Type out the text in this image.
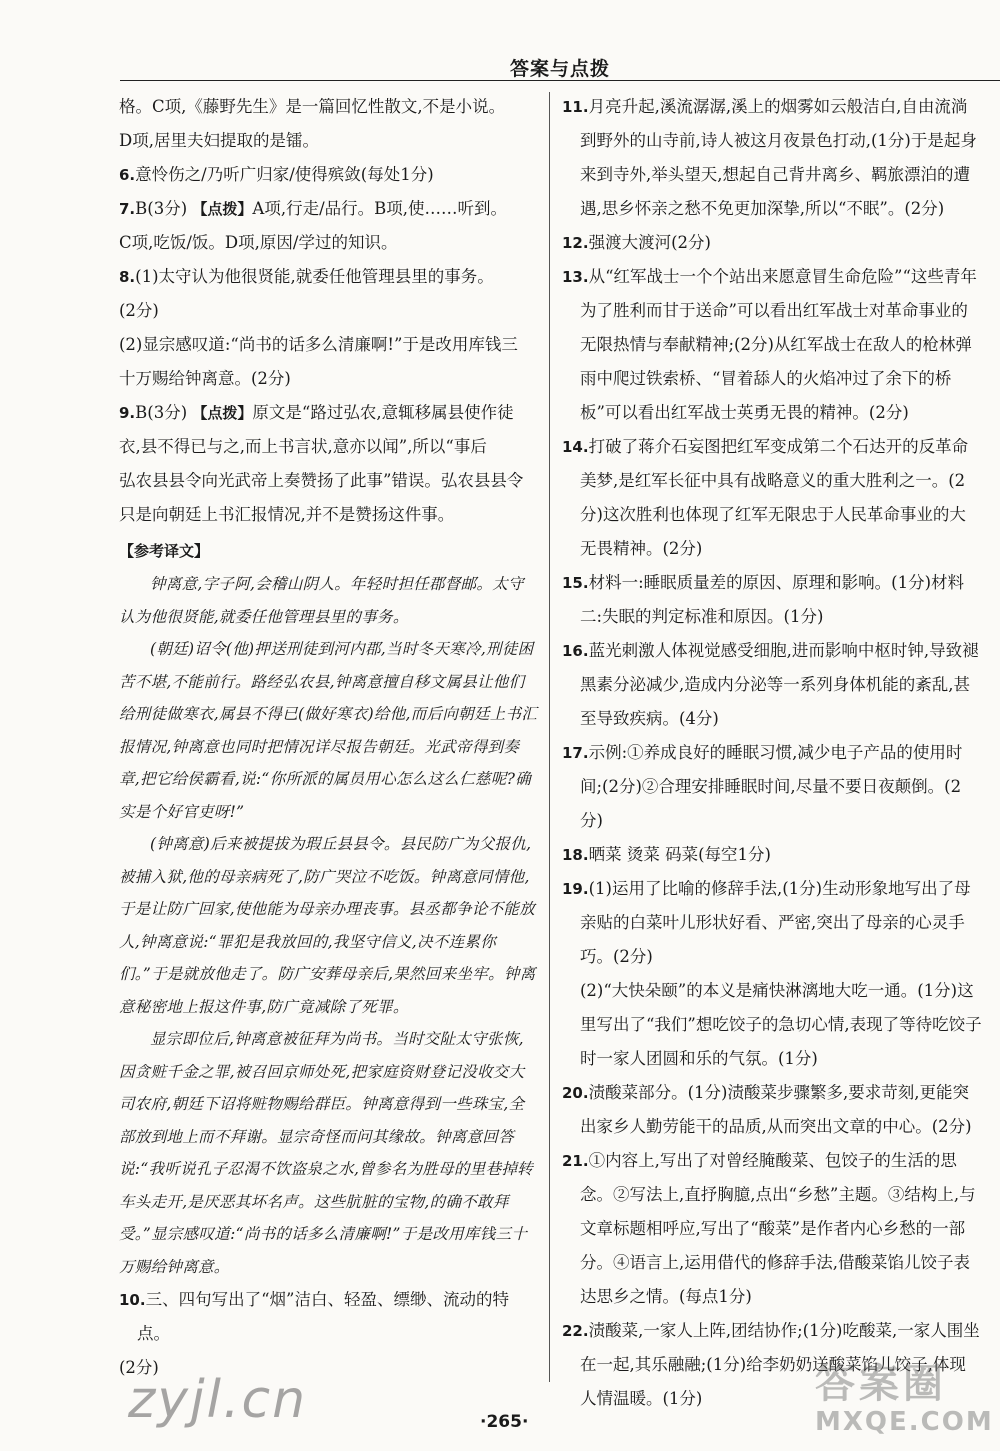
答案与点拨

格。C项,《藤野先生》是一篇回忆性散文,不是小说。

D项,居里夫妇提取的是镭。

6.意怜伤之/乃听广归家/使得殡敛(每处1分)

7.B(3分) 【点拨】A项,行走/品行。B项,使……听到。

C项,吃饭/饭。D项,原因/学过的知识。

8.(1)太守认为他很贤能,就委任他管理县里的事务。

(2分)

(2)显宗感叹道:“尚书的话多么清廉啊!”于是改用库钱三

十万赐给钟离意。(2分)

9.B(3分) 【点拨】原文是“路过弘农,意辄移属县使作徒

衣,县不得已与之,而上书言状,意亦以闻”,所以“事后

弘农县县令向光武帝上奏赞扬了此事”错误。弘农县县令

只是向朝廷上书汇报情况,并不是赞扬这件事。

【参考译文】

钟离意,字子阿,会稽山阴人。年轻时担任郡督邮。太守认为他很贤能,就委任他管理县里的事务。

(朝廷)诏令(他)押送刑徒到河内郡,当时冬天寒冷,刑徒困苦不堪,不能前行。路经弘农县,钟离意擅自移文属县让他们给刑徒做寒衣,属县不得已(做好寒衣)给他,而后向朝廷上书汇报情况,钟离意也同时把情况详尽报告朝廷。光武帝得到奏章,把它给侯霸看,说:“你所派的属员用心怎么这么仁慈呢?确实是个好官吏呀!”

(钟离意)后来被提拔为瑕丘县县令。县民防广为父报仇,被捕入狱,他的母亲病死了,防广哭泣不吃饭。钟离意同情他,于是让防广回家,使他能为母亲办理丧事。县丞都争论不能放人,钟离意说:“罪犯是我放回的,我坚守信义,决不连累你们。”于是就放他走了。防广安葬母亲后,果然回来坐牢。钟离意秘密地上报这件事,防广竟减除了死罪。

显宗即位后,钟离意被征拜为尚书。当时交阯太守张恢,因贪赃千金之罪,被召回京师处死,把家庭资财登记没收交大司农府,朝廷下诏将赃物赐给群臣。钟离意得到一些珠宝,全部放到地上而不拜谢。显宗奇怪而问其缘故。钟离意回答说:“我听说孔子忍渴不饮盗泉之水,曾参名为胜母的里巷掉转车头走开,是厌恶其坏名声。这些肮脏的宝物,的确不敢拜受。”显宗感叹道:“尚书的话多么清廉啊!”于是改用库钱三十万赐给钟离意。

10.三、四句写出了“烟”洁白、轻盈、缥缈、流动的特点。

(2分)

11.月亮升起,溪流潺潺,溪上的烟雾如云般洁白,自由流淌到野外的山寺前,诗人被这月夜景色打动,(1分)于是起身来到寺外,举头望天,想起自己背井离乡、羁旅漂泊的遭遇,思乡怀亲之愁不免更加深挚,所以“不眠”。(2分)

12.强渡大渡河(2分)

13.从“红军战士一个个站出来愿意冒生命危险”“这些青年为了胜利而甘于送命”可以看出红军战士对革命事业的无限热情与奉献精神;(2分)从红军战士在敌人的枪林弹雨中爬过铁索桥、“冒着舔人的火焰冲过了余下的桥板”可以看出红军战士英勇无畏的精神。(2分)

14.打破了蒋介石妄图把红军变成第二个石达开的反革命美梦,是红军长征中具有战略意义的重大胜利之一。(2分)这次胜利也体现了红军无限忠于人民革命事业的大无畏精神。(2分)

15.材料一:睡眠质量差的原因、原理和影响。(1分)材料二:失眠的判定标准和原因。(1分)

16.蓝光刺激人体视觉感受细胞,进而影响中枢时钟,导致褪黑素分泌减少,造成内分泌等一系列身体机能的紊乱,甚至导致疾病。(4分)

17.示例:①养成良好的睡眠习惯,减少电子产品的使用时间;(2分)②合理安排睡眠时间,尽量不要日夜颠倒。(2分)

18.晒菜 烫菜 码菜(每空1分)

19.(1)运用了比喻的修辞手法,(1分)生动形象地写出了母亲贴的白菜叶儿形状好看、严密,突出了母亲的心灵手巧。(2分)

(2)“大快朵颐”的本义是痛快淋漓地大吃一通。(1分)这里写出了“我们”想吃饺子的急切心情,表现了等待吃饺子时一家人团圆和乐的气氛。(1分)

20.渍酸菜部分。(1分)渍酸菜步骤繁多,要求苛刻,更能突出家乡人勤劳能干的品质,从而突出文章的中心。(2分)

21.①内容上,写出了对曾经腌酸菜、包饺子的生活的思念。②写法上,直抒胸臆,点出“乡愁”主题。③结构上,与文章标题相呼应,写出了“酸菜”是作者内心乡愁的一部分。④语言上,运用借代的修辞手法,借酸菜馅儿饺子表达思乡之情。(每点1分)

22.渍酸菜,一家人上阵,团结协作;(1分)吃酸菜,一家人围坐在一起,其乐融融;(1分)给李奶奶送酸菜馅儿饺子,体现人情温暖。(1分)

·265·
zyjl.cn	答案圈
MXQE.COM
